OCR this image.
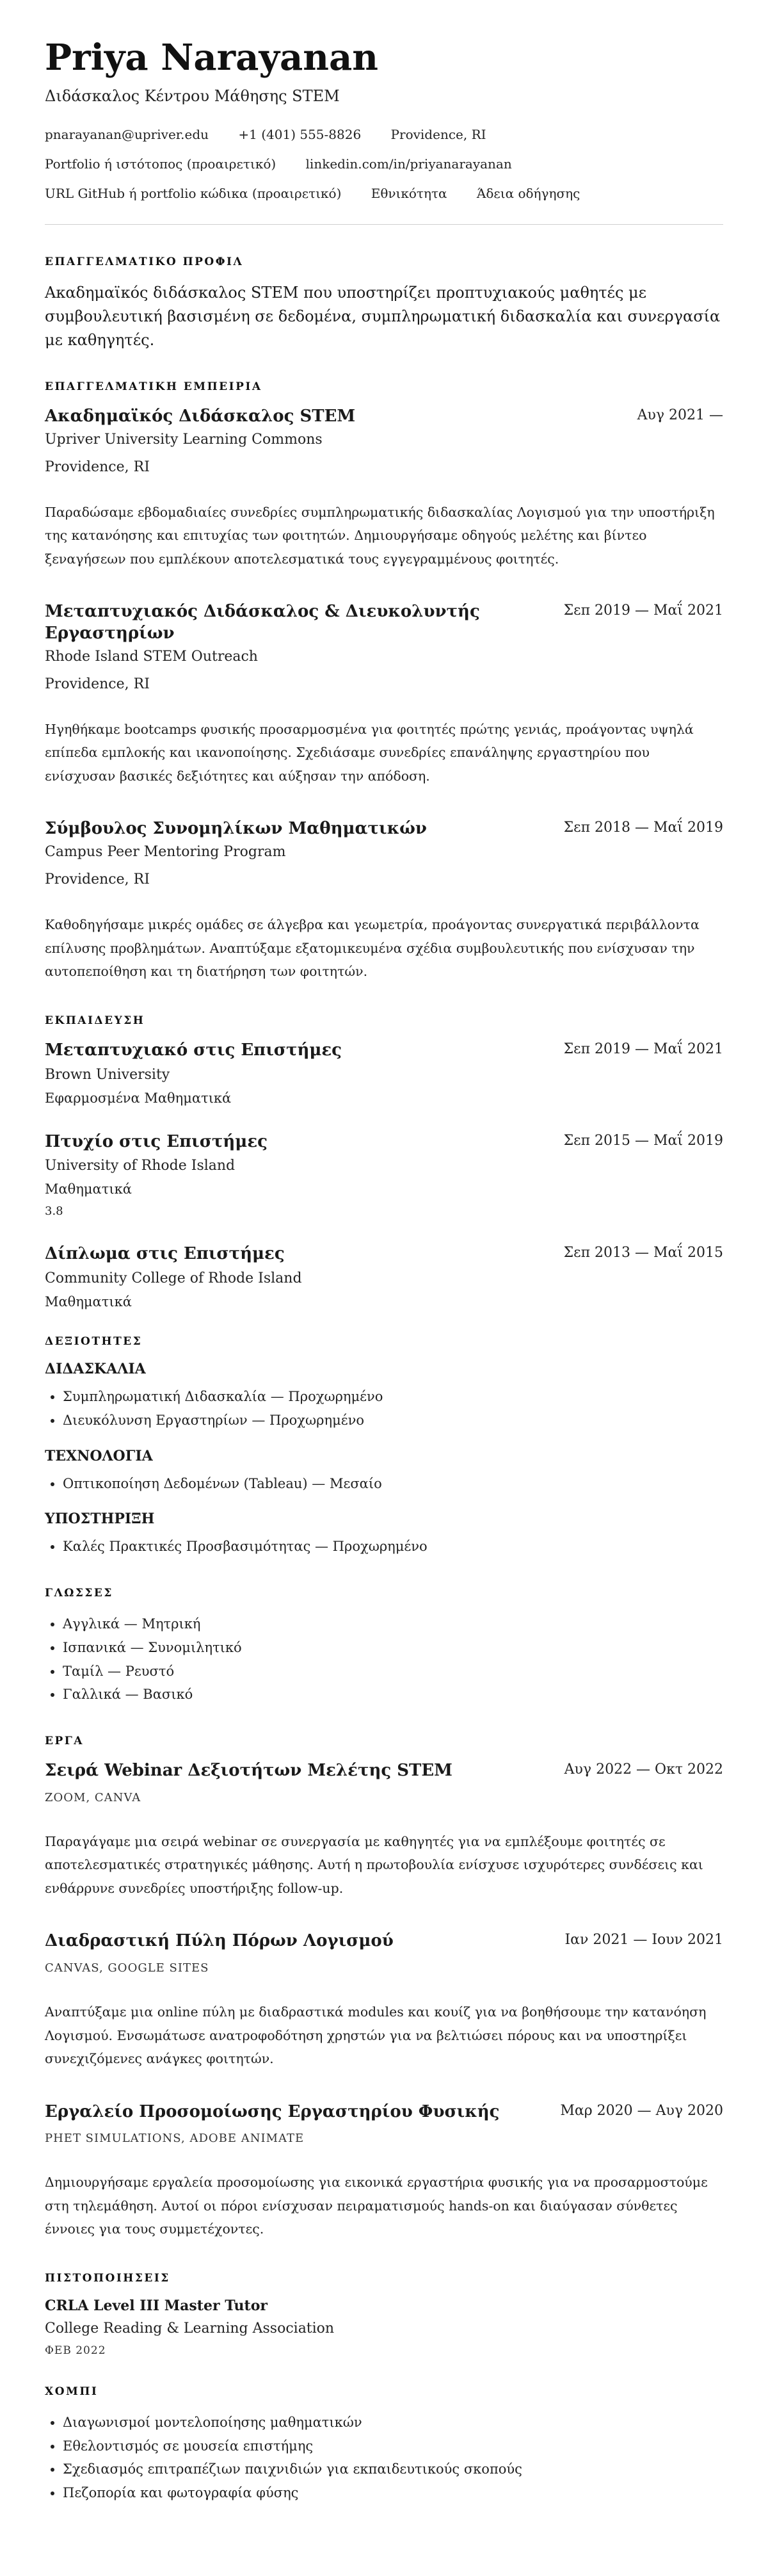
Priya Narayanan
Διδάσκαλος Κέντρου Μάθησης STEM
pnarayanan@upriver.edu +1 (401) 555-8826 Providence, RI
Portfolio ή ιστότοπος (προαιρετικό) linkedin.com/in/priyanarayanan
URL GitHub ή portfolio κώδικα (προαιρετικό) Εθνικότητα Άδεια οδήγησης
ΕΠΑΓΓΕΛΜΑΤΙΚΟ ΠΡΟΦΙΛ
Ακαδημαϊκός διδάσκαλος STEM που υποστηρίζει προπτυχιακούς μαθητές με συμβουλευτική βασισμένη σε δεδομένα, συμπληρωματική διδασκαλία και συνεργασία με καθηγητές.
ΕΠΑΓΓΕΛΜΑΤΙΚΗ ΕΜΠΕΙΡΙΑ
Ακαδημαϊκός Διδάσκαλος STEM	Αυγ 2021 —
Upriver University Learning Commons
Providence, RI
Παραδώσαμε εβδομαδιαίες συνεδρίες συμπληρωματικής διδασκαλίας Λογισμού για την υποστήριξη της κατανόησης και επιτυχίας των φοιτητών. Δημιουργήσαμε οδηγούς μελέτης και βίντεο ξεναγήσεων που εμπλέκουν αποτελεσματικά τους εγγεγραμμένους φοιτητές.
Μεταπτυχιακός Διδάσκαλος & Διευκολυντής Εργαστηρίων
Σεπ 2019 — Μαΐ 2021
Rhode Island STEM Outreach
Providence, RI
Ηγηθήκαμε bootcamps φυσικής προσαρμοσμένα για φοιτητές πρώτης γενιάς, προάγοντας υψηλά επίπεδα εμπλοκής και ικανοποίησης. Σχεδιάσαμε συνεδρίες επανάληψης εργαστηρίου που ενίσχυσαν βασικές δεξιότητες και αύξησαν την απόδοση.
Σύμβουλος Συνομηλίκων Μαθηματικών	Σεπ 2018 — Μαΐ 2019
Campus Peer Mentoring Program
Providence, RI
Καθοδηγήσαμε μικρές ομάδες σε άλγεβρα και γεωμετρία, προάγοντας συνεργατικά περιβάλλοντα επίλυσης προβλημάτων. Αναπτύξαμε εξατομικευμένα σχέδια συμβουλευτικής που ενίσχυσαν την αυτοπεποίθηση και τη διατήρηση των φοιτητών.
ΕΚΠΑΙΔΕΥΣΗ
Μεταπτυχιακό στις Επιστήμες	Σεπ 2019 — Μαΐ 2021
Brown University
Εφαρμοσμένα Μαθηματικά
Πτυχίο στις Επιστήμες	Σεπ 2015 — Μαΐ 2019
University of Rhode Island
Μαθηματικά
3.8
Δίπλωμα στις Επιστήμες	Σεπ 2013 — Μαΐ 2015
Community College of Rhode Island
Μαθηματικά
ΔΕΞΙΟΤΗΤΕΣ
ΔΙΔΑΣΚΑΛΙΑ
• Συμπληρωματική Διδασκαλία — Προχωρημένο
• Διευκόλυνση Εργαστηρίων — Προχωρημένο
ΤΕΧΝΟΛΟΓΙΑ
• Οπτικοποίηση Δεδομένων (Tableau) — Μεσαίο
ΥΠΟΣΤΗΡΙΞΗ
• Καλές Πρακτικές Προσβασιμότητας — Προχωρημένο
ΓΛΩΣΣΕΣ
• Αγγλικά — Μητρική
• Ισπανικά — Συνομιλητικό
• Ταμίλ — Ρευστό
• Γαλλικά — Βασικό
ΕΡΓΑ
Σειρά Webinar Δεξιοτήτων Μελέτης STEM	Αυγ 2022 — Οκτ 2022
ZOOM, CANVA
Παραγάγαμε μια σειρά webinar σε συνεργασία με καθηγητές για να εμπλέξουμε φοιτητές σε αποτελεσματικές στρατηγικές μάθησης. Αυτή η πρωτοβουλία ενίσχυσε ισχυρότερες συνδέσεις και ενθάρρυνε συνεδρίες υποστήριξης follow-up.
Διαδραστική Πύλη Πόρων Λογισμού	Ιαν 2021 — Ιουν 2021
CANVAS, GOOGLE SITES
Αναπτύξαμε μια online πύλη με διαδραστικά modules και κουίζ για να βοηθήσουμε την κατανόηση Λογισμού. Ενσωμάτωσε ανατροφοδότηση χρηστών για να βελτιώσει πόρους και να υποστηρίξει συνεχιζόμενες ανάγκες φοιτητών.
Εργαλείο Προσομοίωσης Εργαστηρίου Φυσικής	Μαρ 2020 — Αυγ 2020
PHET SIMULATIONS, ADOBE ANIMATE
Δημιουργήσαμε εργαλεία προσομοίωσης για εικονικά εργαστήρια φυσικής για να προσαρμοστούμε στη τηλεμάθηση. Αυτοί οι πόροι ενίσχυσαν πειραματισμούς hands-on και διαύγασαν σύνθετες έννοιες για τους συμμετέχοντες.
ΠΙΣΤΟΠΟΙΗΣΕΙΣ
CRLA Level III Master Tutor
College Reading & Learning Association
ΦΕΒ 2022
ΧΟΜΠΙ
• Διαγωνισμοί μοντελοποίησης μαθηματικών
• Εθελοντισμός σε μουσεία επιστήμης
• Σχεδιασμός επιτραπέζιων παιχνιδιών για εκπαιδευτικούς σκοπούς
• Πεζοπορία και φωτογραφία φύσης
